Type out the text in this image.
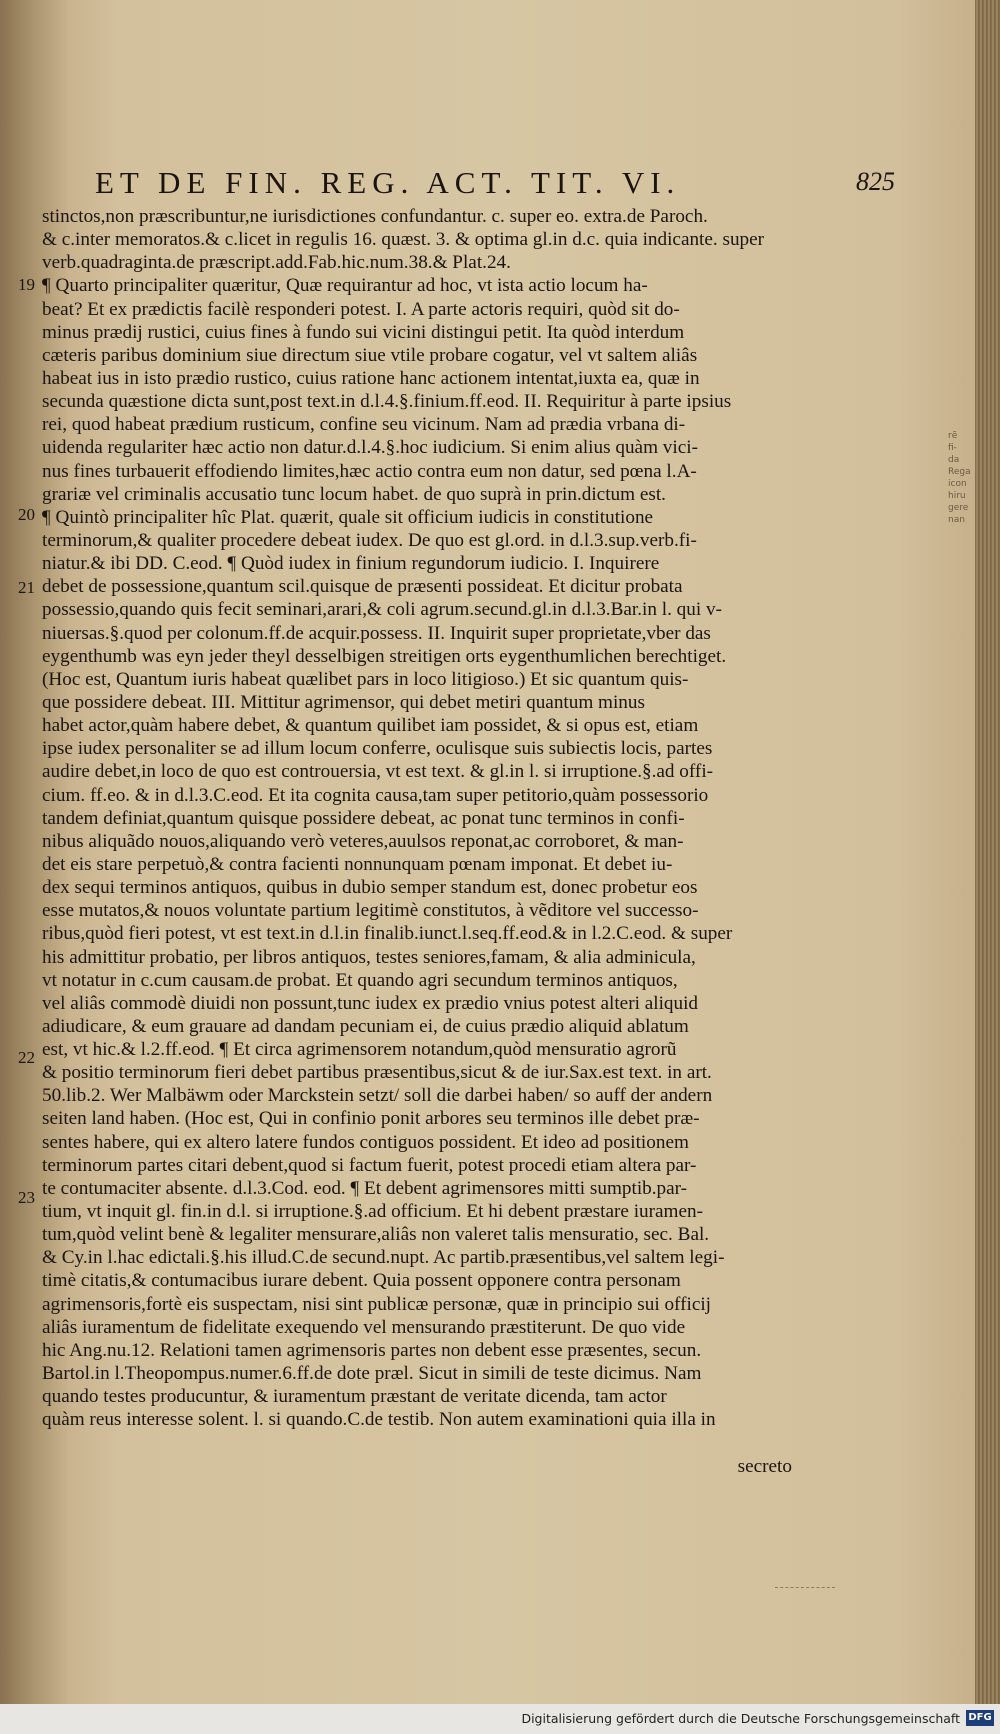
rẽ
fi-
da
Rega
icon
hiru
gere
nan
ET DE FIN. REG. ACT. TIT. VI.	825
19
20
21
22
23
stinctos,non præscribuntur,ne iurisdictiones confundantur. c. super eo. extra.de Paroch.
& c.inter memoratos.& c.licet in regulis 16. quæst. 3. & optima gl.in d.c. quia indicante. super
verb.quadraginta.de præscript.add.Fab.hic.num.38.& Plat.24.
¶ Quarto principaliter quæritur, Quæ requirantur ad hoc, vt ista actio locum ha-
beat? Et ex prædictis facilè responderi potest. I. A parte actoris requiri, quòd sit do-
minus prædij rustici, cuius fines à fundo sui vicini distingui petit. Ita quòd interdum
cæteris paribus dominium siue directum siue vtile probare cogatur, vel vt saltem aliâs
habeat ius in isto prædio rustico, cuius ratione hanc actionem intentat,iuxta ea, quæ in
secunda quæstione dicta sunt,post text.in d.l.4.§.finium.ff.eod. II. Requiritur à parte ipsius
rei, quod habeat prædium rusticum, confine seu vicinum. Nam ad prædia vrbana di-
uidenda regulariter hæc actio non datur.d.l.4.§.hoc iudicium. Si enim alius quàm vici-
nus fines turbauerit effodiendo limites,hæc actio contra eum non datur, sed pœna l.A-
grariæ vel criminalis accusatio tunc locum habet. de quo suprà in prin.dictum est.
¶ Quintò principaliter hîc Plat. quærit, quale sit officium iudicis in constitutione
terminorum,& qualiter procedere debeat iudex. De quo est gl.ord. in d.l.3.sup.verb.fi-
niatur.& ibi DD. C.eod. ¶ Quòd iudex in finium regundorum iudicio. I. Inquirere
debet de possessione,quantum scil.quisque de præsenti possideat. Et dicitur probata
possessio,quando quis fecit seminari,arari,& coli agrum.secund.gl.in d.l.3.Bar.in l. qui v-
niuersas.§.quod per colonum.ff.de acquir.possess. II. Inquirit super proprietate,vber das
eygenthumb was eyn jeder theyl desselbigen streitigen orts eygenthumlichen berechtiget.
(Hoc est, Quantum iuris habeat quælibet pars in loco litigioso.) Et sic quantum quis-
que possidere debeat. III. Mittitur agrimensor, qui debet metiri quantum minus
habet actor,quàm habere debet, & quantum quilibet iam possidet, & si opus est, etiam
ipse iudex personaliter se ad illum locum conferre, oculisque suis subiectis locis, partes
audire debet,in loco de quo est controuersia, vt est text. & gl.in l. si irruptione.§.ad offi-
cium. ff.eo. & in d.l.3.C.eod. Et ita cognita causa,tam super petitorio,quàm possessorio
tandem definiat,quantum quisque possidere debeat, ac ponat tunc terminos in confi-
nibus aliquãdo nouos,aliquando verò veteres,auulsos reponat,ac corroboret, & man-
det eis stare perpetuò,& contra facienti nonnunquam pœnam imponat. Et debet iu-
dex sequi terminos antiquos, quibus in dubio semper standum est, donec probetur eos
esse mutatos,& nouos voluntate partium legitimè constitutos, à vẽditore vel successo-
ribus,quòd fieri potest, vt est text.in d.l.in finalib.iunct.l.seq.ff.eod.& in l.2.C.eod. & super
his admittitur probatio, per libros antiquos, testes seniores,famam, & alia adminicula,
vt notatur in c.cum causam.de probat. Et quando agri secundum terminos antiquos,
vel aliâs commodè diuidi non possunt,tunc iudex ex prædio vnius potest alteri aliquid
adiudicare, & eum grauare ad dandam pecuniam ei, de cuius prædio aliquid ablatum
est, vt hic.& l.2.ff.eod. ¶ Et circa agrimensorem notandum,quòd mensuratio agrorũ
& positio terminorum fieri debet partibus præsentibus,sicut & de iur.Sax.est text. in art.
50.lib.2. Wer Malbäwm oder Marckstein setzt/ soll die darbei haben/ so auff der andern
seiten land haben. (Hoc est, Qui in confinio ponit arbores seu terminos ille debet præ-
sentes habere, qui ex altero latere fundos contiguos possident. Et ideo ad positionem
terminorum partes citari debent,quod si factum fuerit, potest procedi etiam altera par-
te contumaciter absente. d.l.3.Cod. eod. ¶ Et debent agrimensores mitti sumptib.par-
tium, vt inquit gl. fin.in d.l. si irruptione.§.ad officium. Et hi debent præstare iuramen-
tum,quòd velint benè & legaliter mensurare,aliâs non valeret talis mensuratio, sec. Bal.
& Cy.in l.hac edictali.§.his illud.C.de secund.nupt. Ac partib.præsentibus,vel saltem legi-
timè citatis,& contumacibus iurare debent. Quia possent opponere contra personam
agrimensoris,fortè eis suspectam, nisi sint publicæ personæ, quæ in principio sui officij
aliâs iuramentum de fidelitate exequendo vel mensurando præstiterunt. De quo vide
hic Ang.nu.12. Relationi tamen agrimensoris partes non debent esse præsentes, secun.
Bartol.in l.Theopompus.numer.6.ff.de dote præl. Sicut in simili de teste dicimus. Nam
quando testes producuntur, & iuramentum præstant de veritate dicenda, tam actor
quàm reus interesse solent. l. si quando.C.de testib. Non autem examinationi quia illa in
secreto
Digitalisierung gefördert durch die Deutsche Forschungsgemeinschaft DFG
